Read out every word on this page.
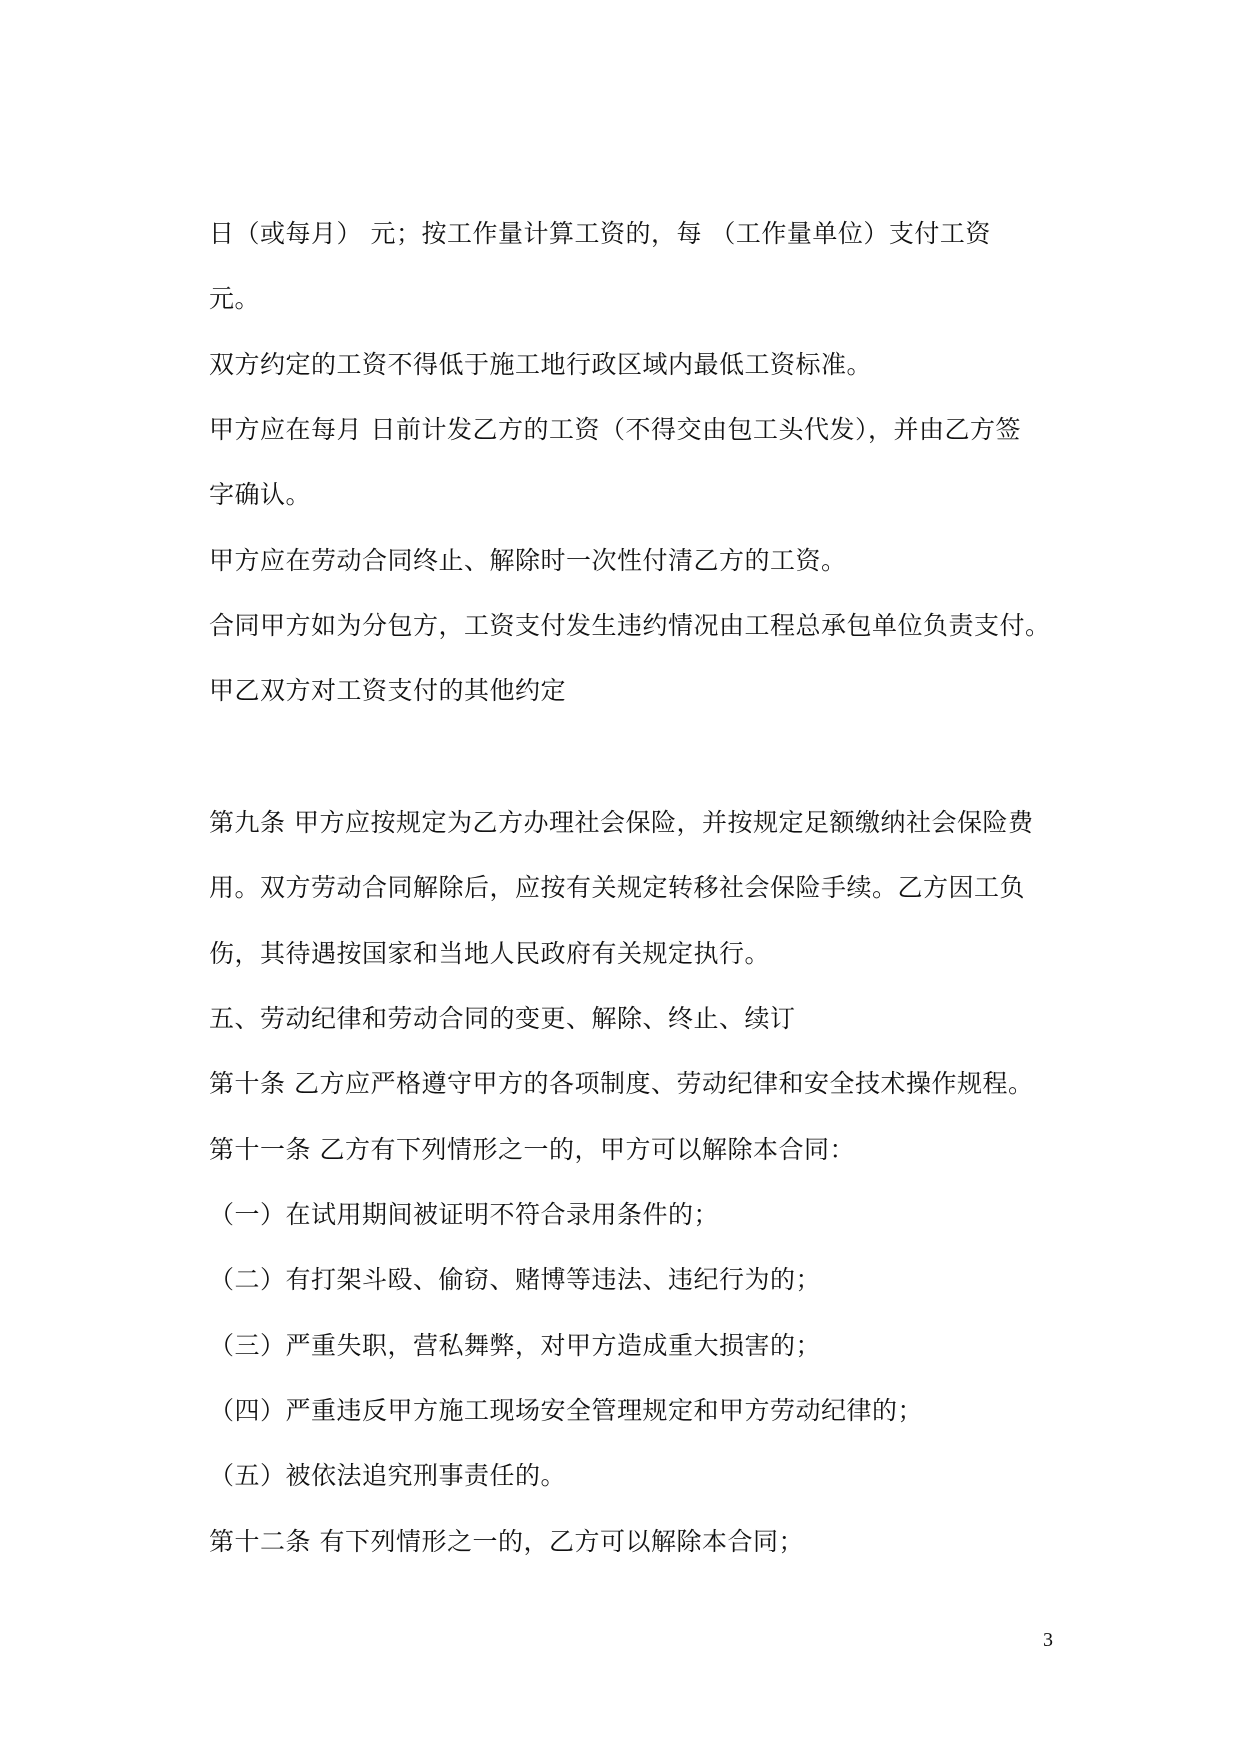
日（或每月） 元；按工作量计算工资的，每 （工作量单位）支付工资
元。
双方约定的工资不得低于施工地行政区域内最低工资标准。
甲方应在每月 日前计发乙方的工资（不得交由包工头代发），并由乙方签
字确认。
甲方应在劳动合同终止、解除时一次性付清乙方的工资。
合同甲方如为分包方，工资支付发生违约情况由工程总承包单位负责支付。
甲乙双方对工资支付的其他约定
第九条 甲方应按规定为乙方办理社会保险，并按规定足额缴纳社会保险费
用。双方劳动合同解除后，应按有关规定转移社会保险手续。乙方因工负
伤，其待遇按国家和当地人民政府有关规定执行。
五、劳动纪律和劳动合同的变更、解除、终止、续订
第十条 乙方应严格遵守甲方的各项制度、劳动纪律和安全技术操作规程。
第十一条 乙方有下列情形之一的，甲方可以解除本合同：
（一）在试用期间被证明不符合录用条件的；
（二）有打架斗殴、偷窃、赌博等违法、违纪行为的；
（三）严重失职，营私舞弊，对甲方造成重大损害的；
（四）严重违反甲方施工现场安全管理规定和甲方劳动纪律的；
（五）被依法追究刑事责任的。
第十二条 有下列情形之一的，乙方可以解除本合同；
3
